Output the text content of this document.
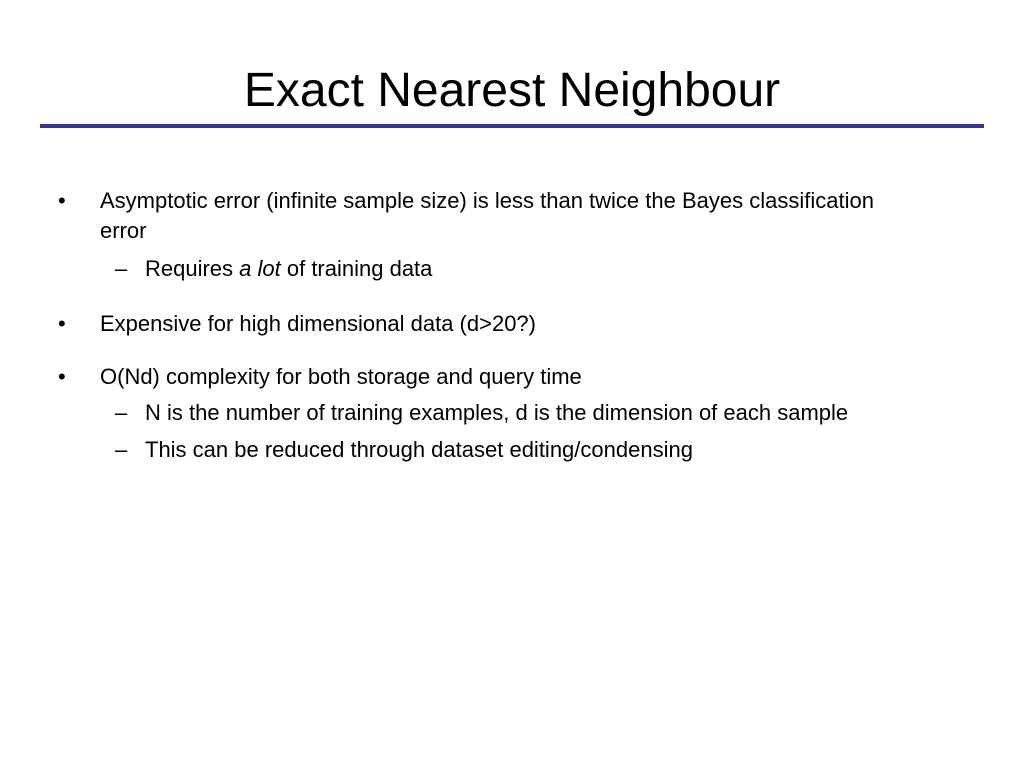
Exact Nearest Neighbour
• Asymptotic error (infinite sample size) is less than twice the Bayes classification error
– Requires a lot of training data
• Expensive for high dimensional data (d>20?)
• O(Nd) complexity for both storage and query time
– N is the number of training examples, d is the dimension of each sample
– This can be reduced through dataset editing/condensing
